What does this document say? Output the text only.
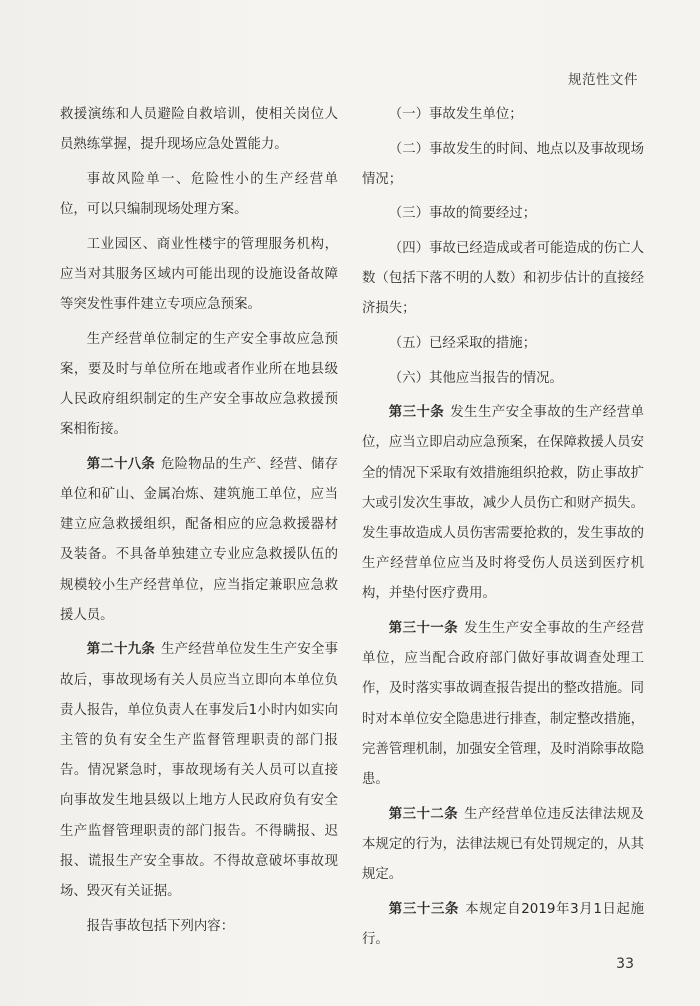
规范性文件

救援演练和人员避险自救培训，使相关岗位人员熟练掌握，提升现场应急处置能力。

事故风险单一、危险性小的生产经营单位，可以只编制现场处理方案。

工业园区、商业性楼宇的管理服务机构，应当对其服务区域内可能出现的设施设备故障等突发性事件建立专项应急预案。

生产经营单位制定的生产安全事故应急预案，要及时与单位所在地或者作业所在地县级人民政府组织制定的生产安全事故应急救援预案相衔接。

第二十八条 危险物品的生产、经营、储存单位和矿山、金属冶炼、建筑施工单位，应当建立应急救援组织，配备相应的应急救援器材及装备。不具备单独建立专业应急救援队伍的规模较小生产经营单位，应当指定兼职应急救援人员。

第二十九条 生产经营单位发生生产安全事故后，事故现场有关人员应当立即向本单位负责人报告，单位负责人在事发后1小时内如实向主管的负有安全生产监督管理职责的部门报告。情况紧急时，事故现场有关人员可以直接向事故发生地县级以上地方人民政府负有安全生产监督管理职责的部门报告。不得瞒报、迟报、谎报生产安全事故。不得故意破坏事故现场、毁灭有关证据。

报告事故包括下列内容：

（一）事故发生单位；

（二）事故发生的时间、地点以及事故现场情况；

（三）事故的简要经过；

（四）事故已经造成或者可能造成的伤亡人数（包括下落不明的人数）和初步估计的直接经济损失；

（五）已经采取的措施；

（六）其他应当报告的情况。

第三十条 发生生产安全事故的生产经营单位，应当立即启动应急预案，在保障救援人员安全的情况下采取有效措施组织抢救，防止事故扩大或引发次生事故，减少人员伤亡和财产损失。发生事故造成人员伤害需要抢救的，发生事故的生产经营单位应当及时将受伤人员送到医疗机构，并垫付医疗费用。

第三十一条 发生生产安全事故的生产经营单位，应当配合政府部门做好事故调查处理工作，及时落实事故调查报告提出的整改措施。同时对本单位安全隐患进行排查，制定整改措施，完善管理机制，加强安全管理，及时消除事故隐患。

第三十二条 生产经营单位违反法律法规及本规定的行为，法律法规已有处罚规定的，从其规定。

第三十三条 本规定自2019年3月1日起施行。

33
